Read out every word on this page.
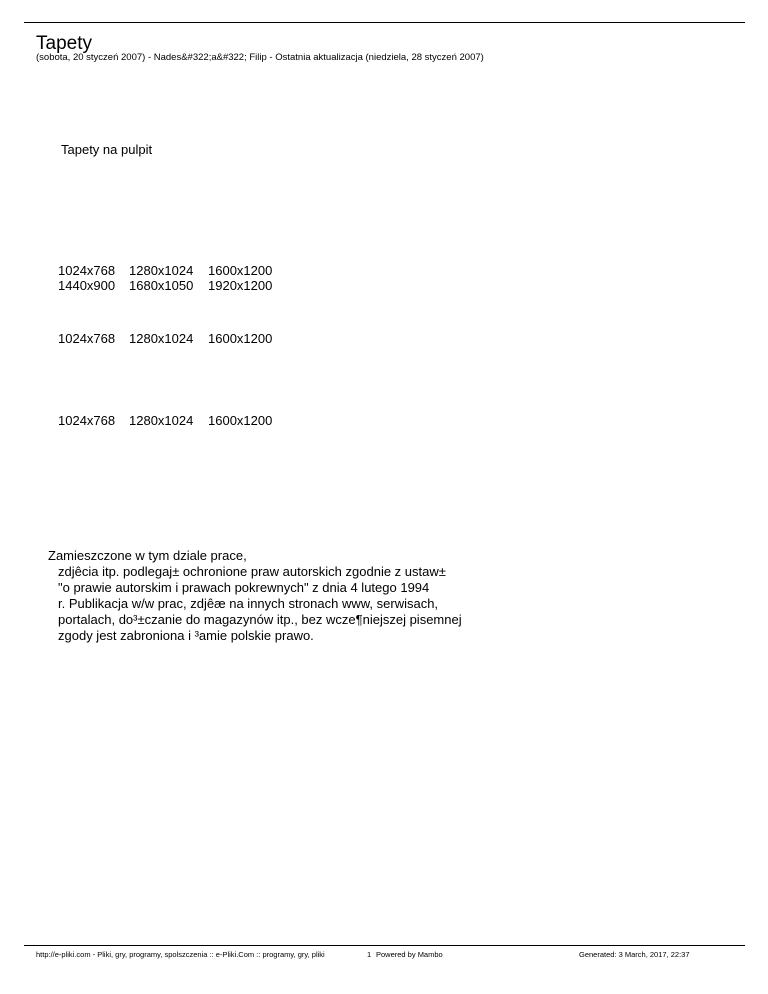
Tapety
(sobota, 20 styczeń 2007) - Nades&#322;a&#322; Filip - Ostatnia aktualizacja (niedziela, 28 styczeń 2007)
Tapety na pulpit
1024x768	1280x1024	1600x1200
1440x900	1680x1050	1920x1200
1024x768	1280x1024	1600x1200
1024x768	1280x1024	1600x1200
Zamieszczone w tym dziale prace,
zdjêcia itp. podlegaj± ochronione praw autorskich zgodnie z ustaw±
"o prawie autorskim i prawach pokrewnych" z dnia 4 lutego 1994
r. Publikacja w/w prac, zdjêæ na innych stronach www, serwisach,
portalach, do³±czanie do magazynów itp., bez wcze¶niejszej pisemnej
zgody jest zabroniona i ³amie polskie prawo.
http://e-pliki.com - Pliki, gry, programy, spolszczenia :: e-Pliki.Com :: programy, gry, pliki	1 Powered by Mambo	Generated: 3 March, 2017, 22:37
